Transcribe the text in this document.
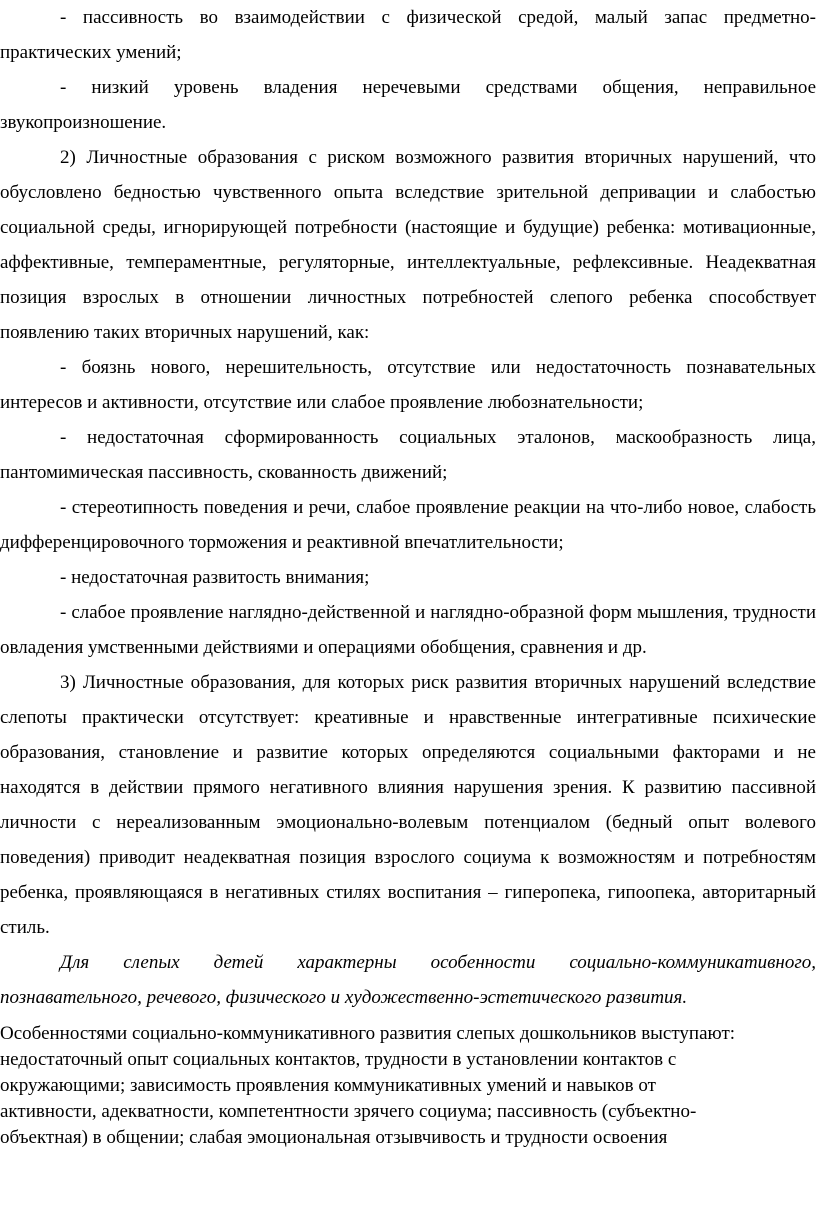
- пассивность во взаимодействии с физической средой, малый запас предметно-практических умений;

- низкий уровень владения неречевыми средствами общения, неправильное звукопроизношение.

2) Личностные образования с риском возможного развития вторичных нарушений, что обусловлено бедностью чувственного опыта вследствие зрительной депривации и слабостью социальной среды, игнорирующей потребности (настоящие и будущие) ребенка: мотивационные, аффективные, темпераментные, регуляторные, интеллектуальные, рефлексивные. Неадекватная позиция взрослых в отношении личностных потребностей слепого ребенка способствует появлению таких вторичных нарушений, как:

- боязнь нового, нерешительность, отсутствие или недостаточность познавательных интересов и активности, отсутствие или слабое проявление любознательности;

- недостаточная сформированность социальных эталонов, маскообразность лица, пантомимическая пассивность, скованность движений;

- стереотипность поведения и речи, слабое проявление реакции на что-либо новое, слабость дифференцировочного торможения и реактивной впечатлительности;

- недостаточная развитость внимания;

- слабое проявление наглядно-действенной и наглядно-образной форм мышления, трудности овладения умственными действиями и операциями обобщения, сравнения и др.

3) Личностные образования, для которых риск развития вторичных нарушений вследствие слепоты практически отсутствует: креативные и нравственные интегративные психические образования, становление и развитие которых определяются социальными факторами и не находятся в действии прямого негативного влияния нарушения зрения. К развитию пассивной личности с нереализованным эмоционально-волевым потенциалом (бедный опыт волевого поведения) приводит неадекватная позиция взрослого социума к возможностям и потребностям ребенка, проявляющаяся в негативных стилях воспитания – гиперопека, гипоопека, авторитарный стиль.

Для слепых детей характерны особенности социально-коммуникативного, познавательного, речевого, физического и художественно-эстетического развития.

Особенностями социально-коммуникативного развития слепых дошкольников выступают: недостаточный опыт социальных контактов, трудности в установлении контактов с окружающими; зависимость проявления коммуникативных умений и навыков от активности, адекватности, компетентности зрячего социума; пассивность (субъектно-объектная) в общении; слабая эмоциональная отзывчивость и трудности освоения
